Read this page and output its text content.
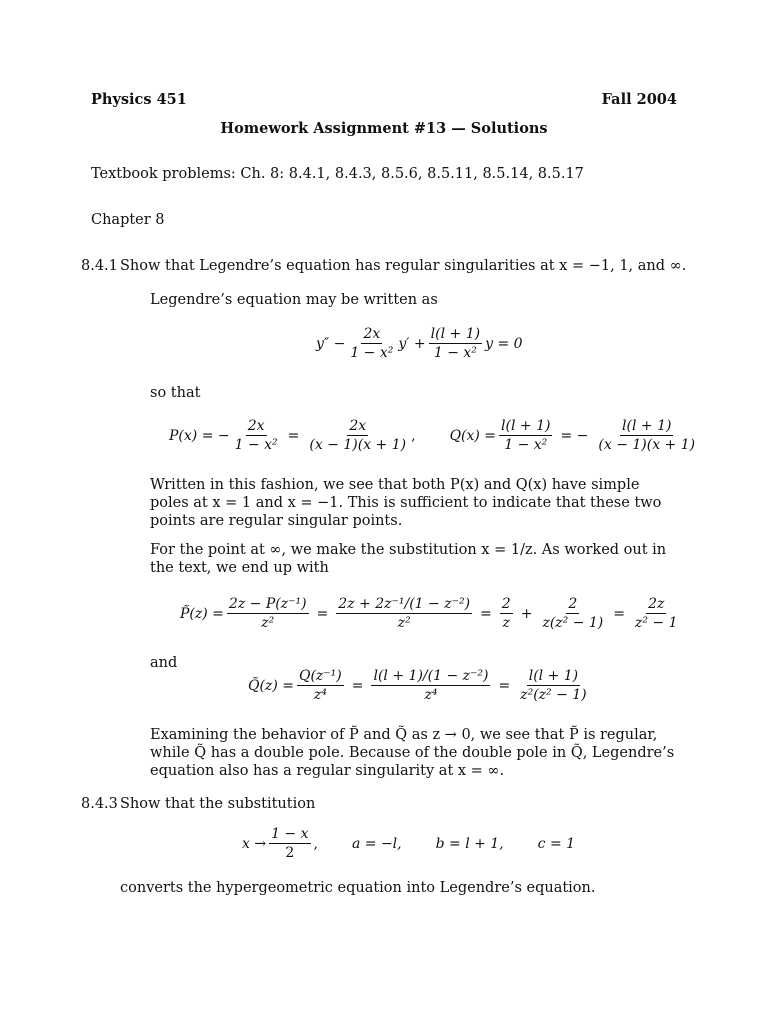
Physics 451	Fall 2004
Homework Assignment #13 — Solutions
Textbook problems: Ch. 8: 8.4.1, 8.4.3, 8.5.6, 8.5.11, 8.5.14, 8.5.17
Chapter 8
8.4.1 Show that Legendre’s equation has regular singularities at x = −1, 1, and ∞.
Legendre’s equation may be written as
$y'' - \frac{2x}{\text{1 − x²}} y' + \frac{l(l + 1)}{\text{1 − x²}}$ y = 0
so that
P(x) = − $\frac{2x}{\text{1 − x²}} = \frac{2x}{(x - 1)(x + 1)}$ , $Q(x) = \frac{l(l + 1)}{\text{1 − x²}}$ = − $\frac{l(l + 1)}{(x - 1)(x + 1)}$
Written in this fashion, we see that both P(x) and Q(x) have simple poles at x = 1 and x = −1. This is sufficient to indicate that these two points are regular singular points.
For the point at ∞, we make the substitution x = 1/z. As worked out in the text, we end up with
P̃(z) = $\frac{\text{2z − P(z⁻¹)}}{\text{z²}} = \frac{\text{2z + 2z⁻¹/(1 − z⁻²)}}{\text{z²}} = \frac{2}{z} + \frac{2}{\text{z(z² − 1)}} = \frac{2z}{\text{z² − 1}}$
and
Q̃(z) = $\frac{\text{Q(z⁻¹)}}{\text{z⁴}} = \frac{\text{l(l + 1)/(1 − z⁻²)}}{\text{z⁴}} = \frac{l(l + 1)}{\text{z²(z² − 1)}}$
Examining the behavior of P̃ and Q̃ as z → 0, we see that P̃ is regular, while Q̃ has a double pole. Because of the double pole in Q̃, Legendre’s equation also has a regular singularity at x = ∞.
8.4.3 Show that the substitution
$x \to \frac{1 - x}{2}$ , a = −l, b = l + 1, c = 1
converts the hypergeometric equation into Legendre’s equation.
